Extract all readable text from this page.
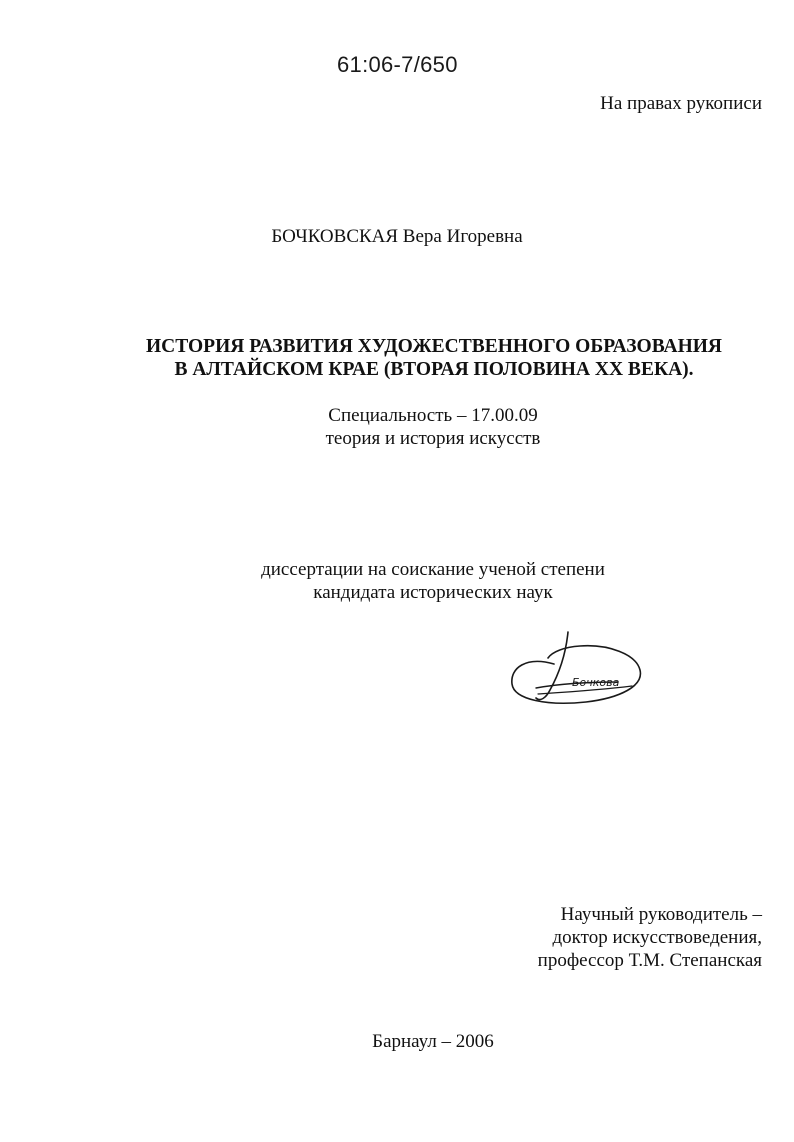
61:06-7/650
На правах рукописи
БОЧКОВСКАЯ Вера Игоревна
ИСТОРИЯ РАЗВИТИЯ ХУДОЖЕСТВЕННОГО ОБРАЗОВАНИЯ
В АЛТАЙСКОМ КРАЕ (ВТОРАЯ ПОЛОВИНА XX ВЕКА).
Специальность – 17.00.09
теория и история искусств
диссертации на соискание ученой степени
кандидата исторических наук
Бочкова
Научный руководитель –
доктор искусствоведения,
профессор Т.М. Степанская
Барнаул – 2006
